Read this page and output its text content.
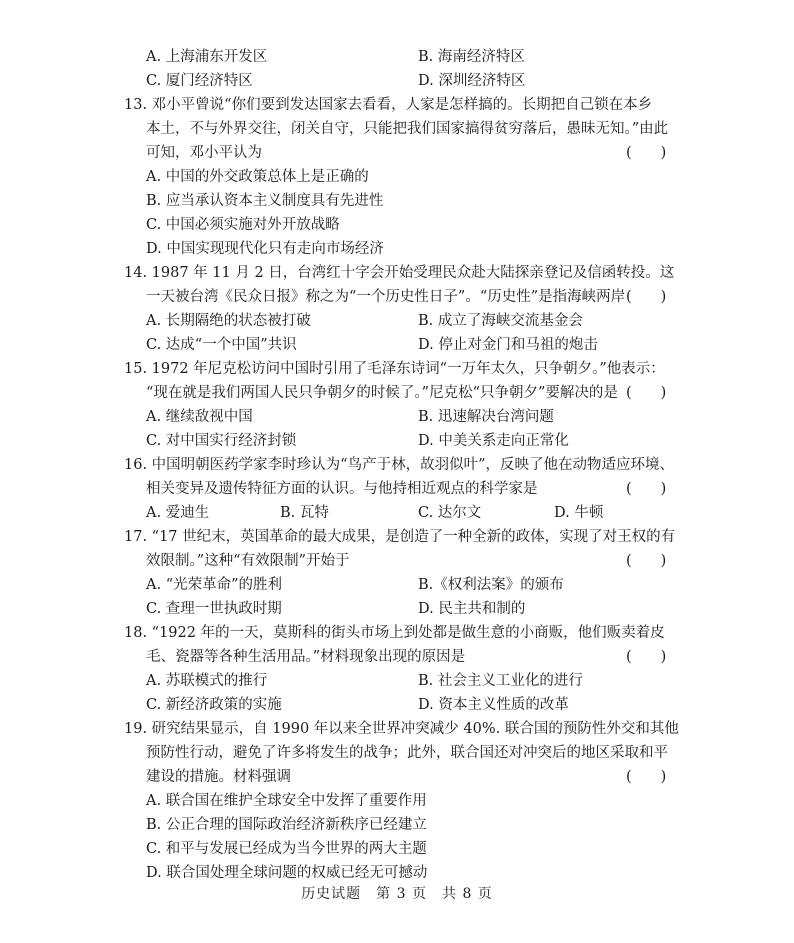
A. 上海浦东开发区	B. 海南经济特区
C. 厦门经济特区	D. 深圳经济特区
13. 邓小平曾说“你们要到发达国家去看看，人家是怎样搞的。长期把自己锁在本乡
本土，不与外界交往，闭关自守，只能把我们国家搞得贫穷落后，愚昧无知。”由此
可知，邓小平认为	(　　)
A. 中国的外交政策总体上是正确的
B. 应当承认资本主义制度具有先进性
C. 中国必须实施对外开放战略
D. 中国实现现代化只有走向市场经济
14. 1987 年 11 月 2 日，台湾红十字会开始受理民众赴大陆探亲登记及信函转投。这
一天被台湾《民众日报》称之为“一个历史性日子”。“历史性”是指海峡两岸 (　　)
A. 长期隔绝的状态被打破	B. 成立了海峡交流基金会
C. 达成“一个中国”共识	D. 停止对金门和马祖的炮击
15. 1972 年尼克松访问中国时引用了毛泽东诗词“一万年太久，只争朝夕。”他表示：
“现在就是我们两国人民只争朝夕的时候了。”尼克松“只争朝夕”要解决的是 (　　)
A. 继续敌视中国	B. 迅速解决台湾问题
C. 对中国实行经济封锁	D. 中美关系走向正常化
16. 中国明朝医药学家李时珍认为“鸟产于林，故羽似叶”，反映了他在动物适应环境、
相关变异及遗传特征方面的认识。与他持相近观点的科学家是	(　　)
A. 爱迪生	B. 瓦特	C. 达尔文	D. 牛顿
17. “17 世纪末，英国革命的最大成果，是创造了一种全新的政体，实现了对王权的有
效限制。”这种“有效限制”开始于	(　　)
A. “光荣革命”的胜利	B.《权利法案》的颁布
C. 查理一世执政时期	D. 民主共和制的
18. “1922 年的一天，莫斯科的街头市场上到处都是做生意的小商贩，他们贩卖着皮
毛、瓷器等各种生活用品。”材料现象出现的原因是	(　　)
A. 苏联模式的推行	B. 社会主义工业化的进行
C. 新经济政策的实施	D. 资本主义性质的改革
19. 研究结果显示，自 1990 年以来全世界冲突减少 40%. 联合国的预防性外交和其他
预防性行动，避免了许多将发生的战争；此外，联合国还对冲突后的地区采取和平
建设的措施。材料强调	(　　)
A. 联合国在维护全球安全中发挥了重要作用
B. 公正合理的国际政治经济新秩序已经建立
C. 和平与发展已经成为当今世界的两大主题
D. 联合国处理全球问题的权威已经无可撼动
历史试题　第 3 页　共 8 页
